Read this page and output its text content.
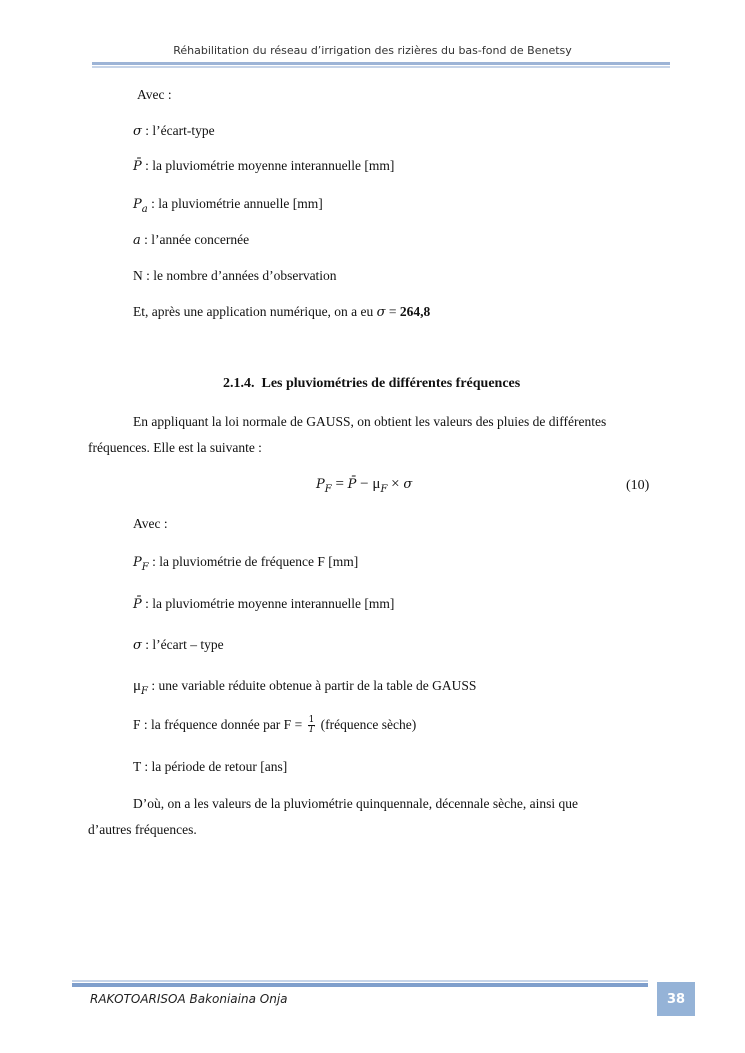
Réhabilitation du réseau d’irrigation des rizières du bas-fond de Benetsy
Avec :
σ : l’écart-type
P̄ : la pluviométrie moyenne interannuelle [mm]
$P_a$ : la pluviométrie annuelle [mm]
a : l’année concernée
N : le nombre d’années d’observation
Et, après une application numérique, on a eu σ = 264,8
2.1.4. Les pluviométries de différentes fréquences
En appliquant la loi normale de GAUSS, on obtient les valeurs des pluies de différentes
fréquences. Elle est la suivante :
$P_F$ = P̄ − $\mu_F \times \sigma$	(10)
Avec :
$P_F$ : la pluviométrie de fréquence F [mm]
P̄ : la pluviométrie moyenne interannuelle [mm]
σ : l’écart – type
$\mu_F$ : une variable réduite obtenue à partir de la table de GAUSS
F : la fréquence donnée par $F = \frac{1}{T}$ (fréquence sèche)
T : la période de retour [ans]
D’où, on a les valeurs de la pluviométrie quinquennale, décennale sèche, ainsi que
d’autres fréquences.
RAKOTOARISOA Bakoniaina Onja	38
